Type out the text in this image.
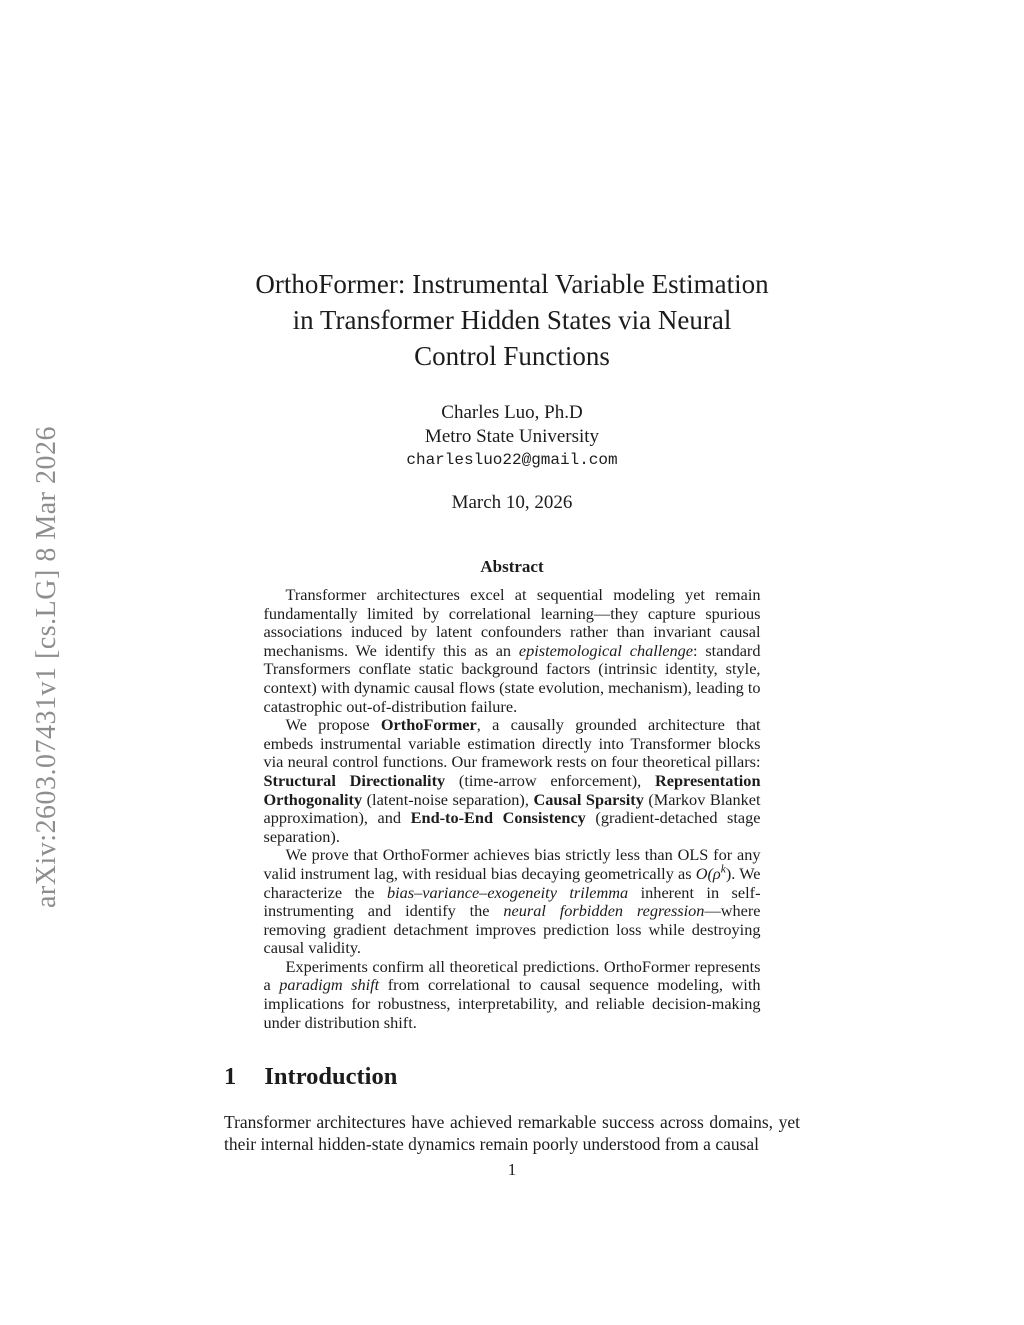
arXiv:2603.07431v1 [cs.LG] 8 Mar 2026
OrthoFormer: Instrumental Variable Estimation
in Transformer Hidden States via Neural
Control Functions
Charles Luo, Ph.D
Metro State University
charlesluo22@gmail.com
March 10, 2026
Abstract

Transformer architectures excel at sequential modeling yet remain fundamentally limited by correlational learning—they capture spurious associations induced by latent confounders rather than invariant causal mechanisms. We identify this as an epistemological challenge: standard Transformers conflate static background factors (intrinsic identity, style, context) with dynamic causal flows (state evolution, mechanism), leading to catastrophic out-of-distribution failure.

We propose OrthoFormer, a causally grounded architecture that embeds instrumental variable estimation directly into Transformer blocks via neural control functions. Our framework rests on four theoretical pillars: Structural Directionality (time-arrow enforcement), Representation Orthogonality (latent-noise separation), Causal Sparsity (Markov Blanket approximation), and End-to-End Consistency (gradient-detached stage separation).

We prove that OrthoFormer achieves bias strictly less than OLS for any valid instrument lag, with residual bias decaying geometrically as $O(\rho^k)$. We characterize the bias–variance–exogeneity trilemma inherent in self-instrumenting and identify the neural forbidden regression—where removing gradient detachment improves prediction loss while destroying causal validity.

Experiments confirm all theoretical predictions. OrthoFormer represents a paradigm shift from correlational to causal sequence modeling, with implications for robustness, interpretability, and reliable decision-making under distribution shift.

1 Introduction

Transformer architectures have achieved remarkable success across domains, yet their internal hidden-state dynamics remain poorly understood from a causal

1
